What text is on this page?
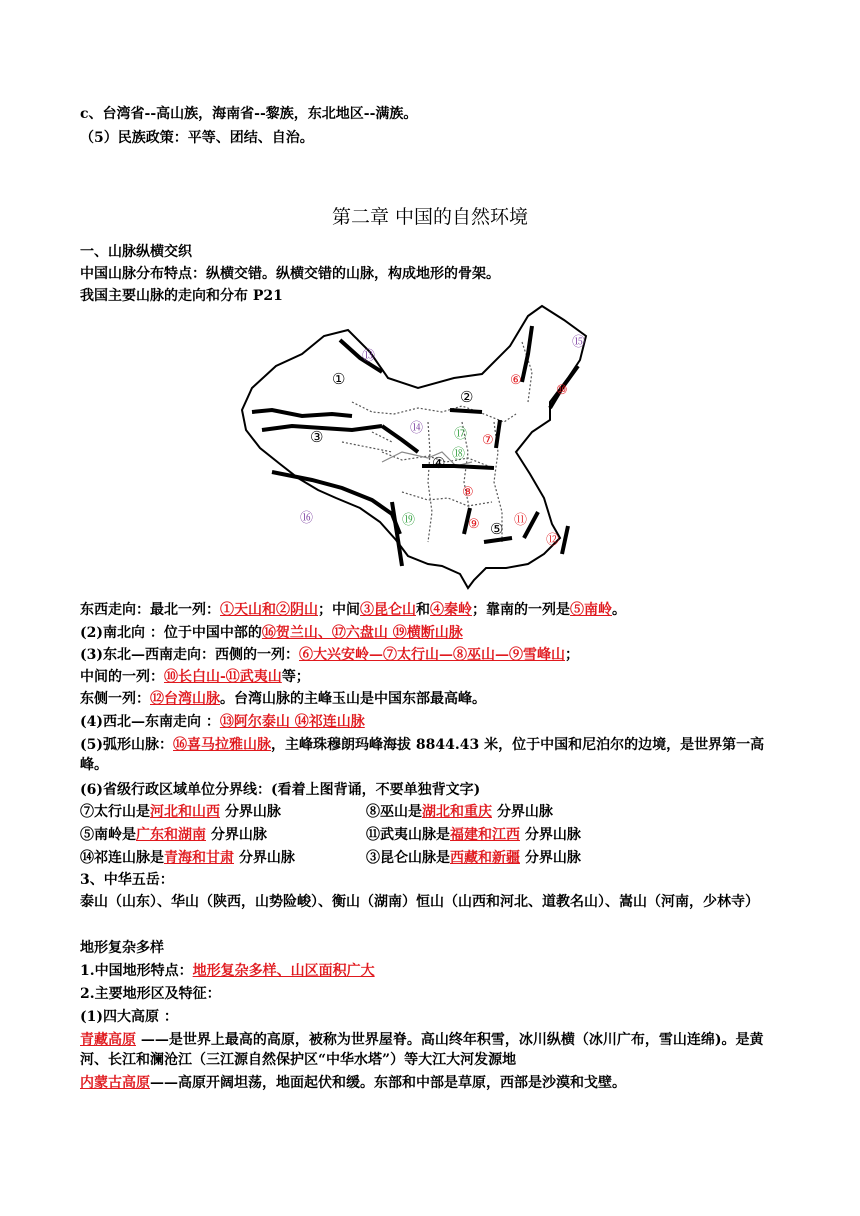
c、台湾省--高山族，海南省--黎族，东北地区--满族。
（5）民族政策：平等、团结、自治。
第二章 中国的自然环境
一、山脉纵横交织
中国山脉分布特点：纵横交错。纵横交错的山脉，构成地形的骨架。
我国主要山脉的走向和分布 P21
①
②
③
④
⑤
⑥
⑦
⑧
⑨
⑩
⑪
⑫
⑬
⑭
⑮
⑯
⑰
⑱
⑲
东西走向：最北一列：①天山和②阴山；中间③昆仑山和④秦岭；靠南的一列是⑤南岭。
(2)南北向 ：位于中国中部的⑯贺兰山、⑰六盘山 ⑲横断山脉
(3)东北—西南走向：西侧的一列：⑥大兴安岭—⑦太行山—⑧巫山—⑨雪峰山；
中间的一列：⑩长白山-⑪武夷山等；
东侧一列：⑫台湾山脉。台湾山脉的主峰玉山是中国东部最高峰。
(4)西北—东南走向 ：⑬阿尔泰山 ⑭祁连山脉
(5)弧形山脉：⑯喜马拉雅山脉，主峰珠穆朗玛峰海拔 8844.43 米，位于中国和尼泊尔的边境，是世界第一高峰。
(6)省级行政区域单位分界线：(看着上图背诵，不要单独背文字)
⑦太行山是河北和山西 分界山脉	⑧巫山是湖北和重庆 分界山脉
⑤南岭是广东和湖南 分界山脉	⑪武夷山脉是福建和江西 分界山脉
⑭祁连山脉是青海和甘肃 分界山脉	③昆仑山脉是西藏和新疆 分界山脉
3、中华五岳：
泰山（山东）、华山（陕西，山势险峻）、衡山（湖南）恒山（山西和河北、道教名山）、嵩山（河南，少林寺）
地形复杂多样
1.中国地形特点：地形复杂多样、山区面积广大
2.主要地形区及特征：
(1)四大高原 ：
青藏高原 ——是世界上最高的高原，被称为世界屋脊。高山终年积雪，冰川纵横（冰川广布，雪山连绵)。是黄河、长江和澜沧江（三江源自然保护区“中华水塔”）等大江大河发源地
内蒙古高原——高原开阔坦荡，地面起伏和缓。东部和中部是草原，西部是沙漠和戈壁。
